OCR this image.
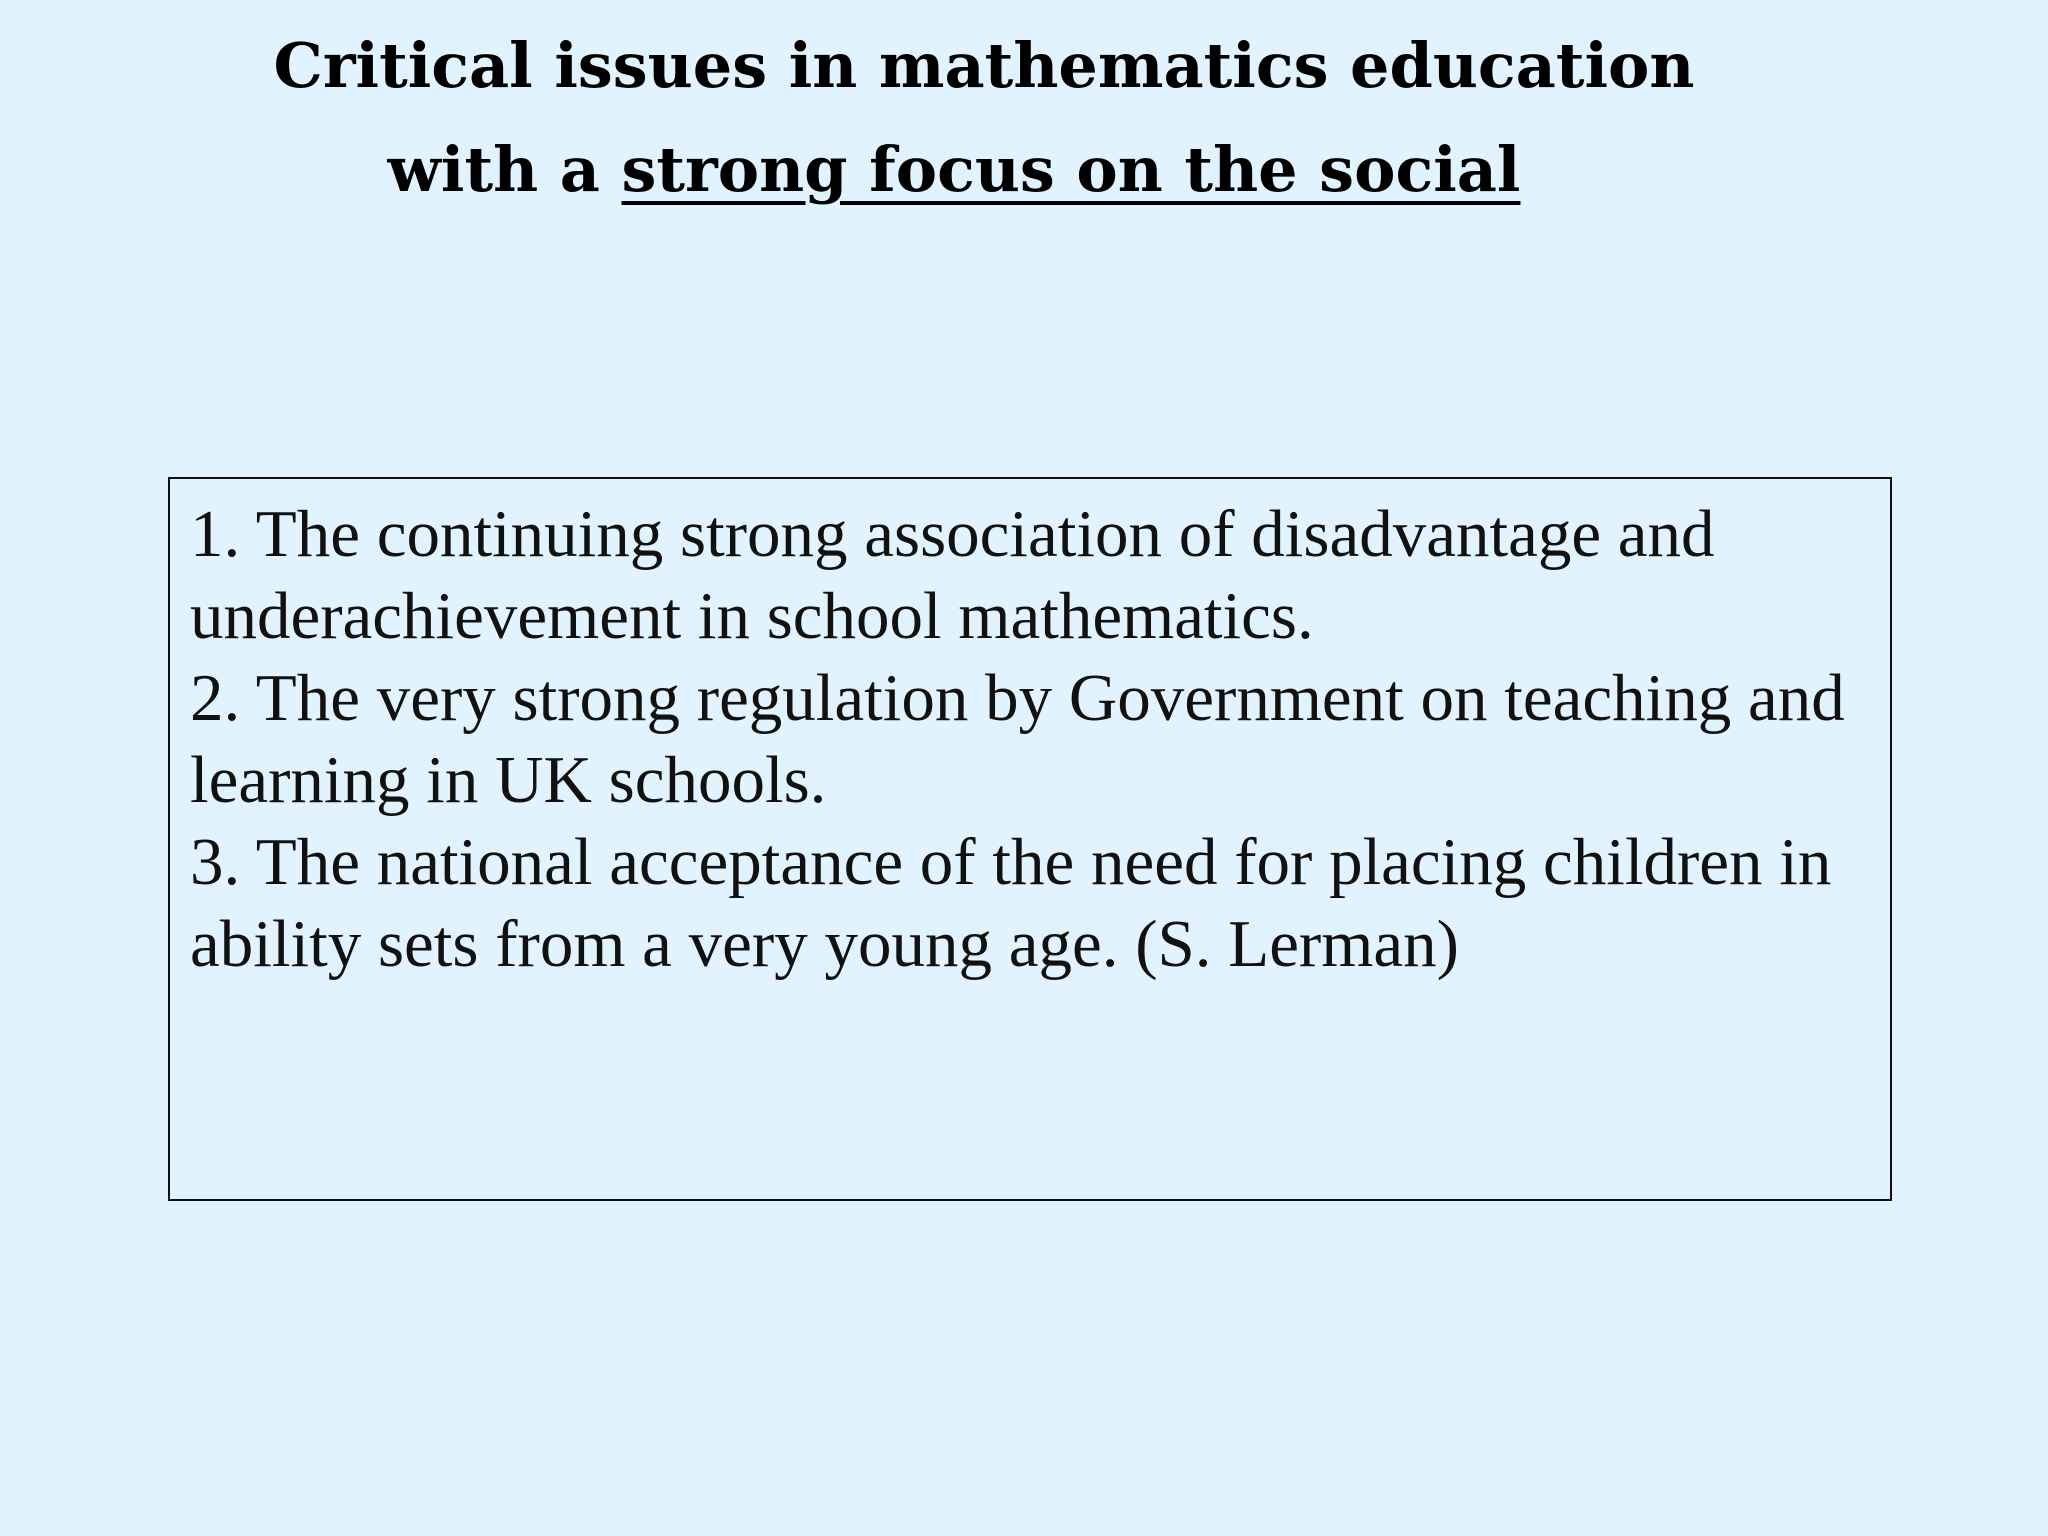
Critical issues in mathematics education
with a strong focus on the social

1. The continuing strong association of disadvantage and underachievement in school mathematics.

2. The very strong regulation by Government on teaching and learning in UK schools.

3. The national acceptance of the need for placing children in ability sets from a very young age. (S. Lerman)
